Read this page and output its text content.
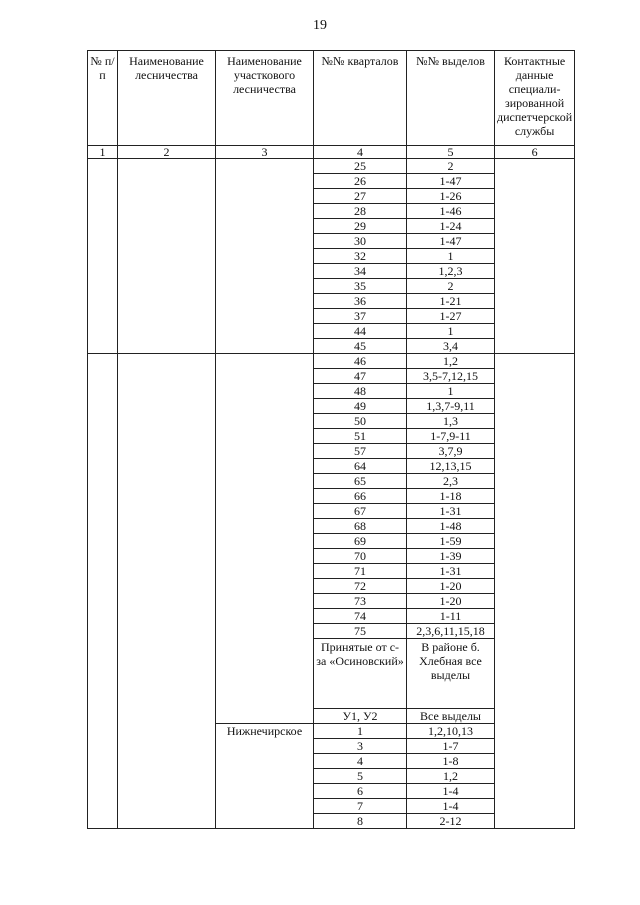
19
№ п/п	Наименование лесничества	Наименование участкового лесничества	№№ кварталов	№№ выделов	Контактные данные специали-зированной диспетчерской службы
1	2	3	4	5	6
			25	2	
			26	1-47	
			27	1-26	
			28	1-46	
			29	1-24	
			30	1-47	
			32	1	
			34	1,2,3	
			35	2	
			36	1-21	
			37	1-27	
			44	1	
			45	3,4	
			46	1,2	
			47	3,5-7,12,15	
			48	1	
			49	1,3,7-9,11	
			50	1,3	
			51	1-7,9-11	
			57	3,7,9	
			64	12,13,15	
			65	2,3	
			66	1-18	
			67	1-31	
			68	1-48	
			69	1-59	
			70	1-39	
			71	1-31	
			72	1-20	
			73	1-20	
			74	1-11	
			75	2,3,6,11,15,18	
			Принятые от с-за «Осиновский»	В районе б. Хлебная все выделы	
			У1, У2	Все выделы	
		Нижнечирское	1	1,2,10,13	
			3	1-7	
			4	1-8	
			5	1,2	
			6	1-4	
			7	1-4	
			8	2-12	
